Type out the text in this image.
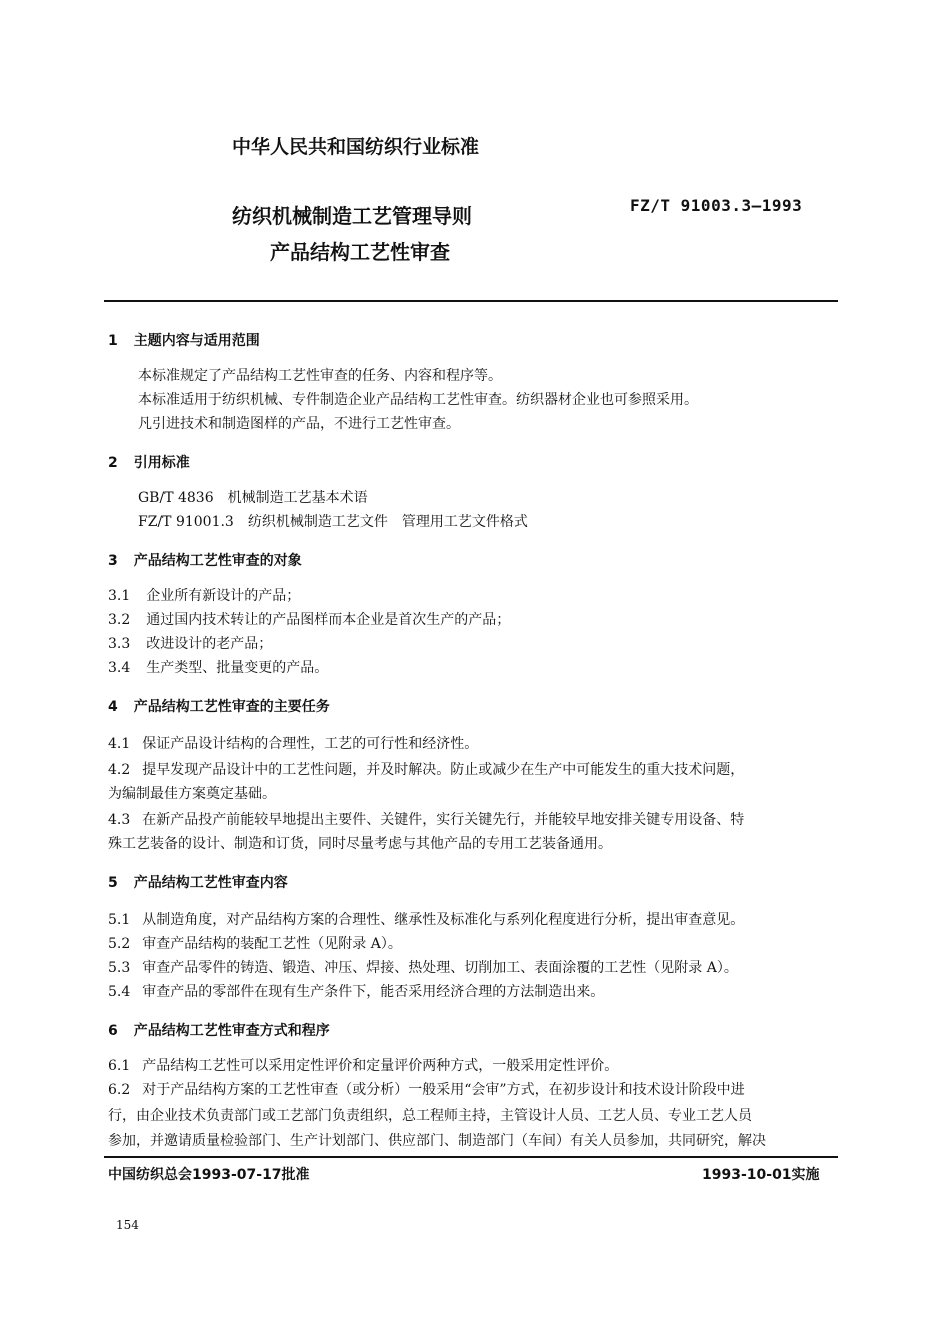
中华人民共和国纺织行业标准
纺织机械制造工艺管理导则
产品结构工艺性审查
FZ/T 91003.3—1993
1 主题内容与适用范围
本标准规定了产品结构工艺性审查的任务、内容和程序等。
本标准适用于纺织机械、专件制造企业产品结构工艺性审查。纺织器材企业也可参照采用。
凡引进技术和制造图样的产品，不进行工艺性审查。
2 引用标准
GB/T 4836 机械制造工艺基本术语
FZ/T 91001.3 纺织机械制造工艺文件　管理用工艺文件格式
3 产品结构工艺性审查的对象
3.1 企业所有新设计的产品；
3.2 通过国内技术转让的产品图样而本企业是首次生产的产品；
3.3 改进设计的老产品；
3.4 生产类型、批量变更的产品。
4 产品结构工艺性审查的主要任务
4.1 保证产品设计结构的合理性，工艺的可行性和经济性。
4.2 提早发现产品设计中的工艺性问题，并及时解决。防止或减少在生产中可能发生的重大技术问题，
为编制最佳方案奠定基础。
4.3 在新产品投产前能较早地提出主要件、关键件，实行关键先行，并能较早地安排关键专用设备、特
殊工艺装备的设计、制造和订货，同时尽量考虑与其他产品的专用工艺装备通用。
5 产品结构工艺性审查内容
5.1 从制造角度，对产品结构方案的合理性、继承性及标准化与系列化程度进行分析，提出审查意见。
5.2 审查产品结构的装配工艺性（见附录 A）。
5.3 审查产品零件的铸造、锻造、冲压、焊接、热处理、切削加工、表面涂覆的工艺性（见附录 A）。
5.4 审查产品的零部件在现有生产条件下，能否采用经济合理的方法制造出来。
6 产品结构工艺性审查方式和程序
6.1 产品结构工艺性可以采用定性评价和定量评价两种方式，一般采用定性评价。
6.2 对于产品结构方案的工艺性审查（或分析）一般采用“会审”方式，在初步设计和技术设计阶段中进
行，由企业技术负责部门或工艺部门负责组织，总工程师主持，主管设计人员、工艺人员、专业工艺人员
参加，并邀请质量检验部门、生产计划部门、供应部门、制造部门（车间）有关人员参加，共同研究，解决
中国纺织总会1993-07-17批准	1993-10-01实施
154
